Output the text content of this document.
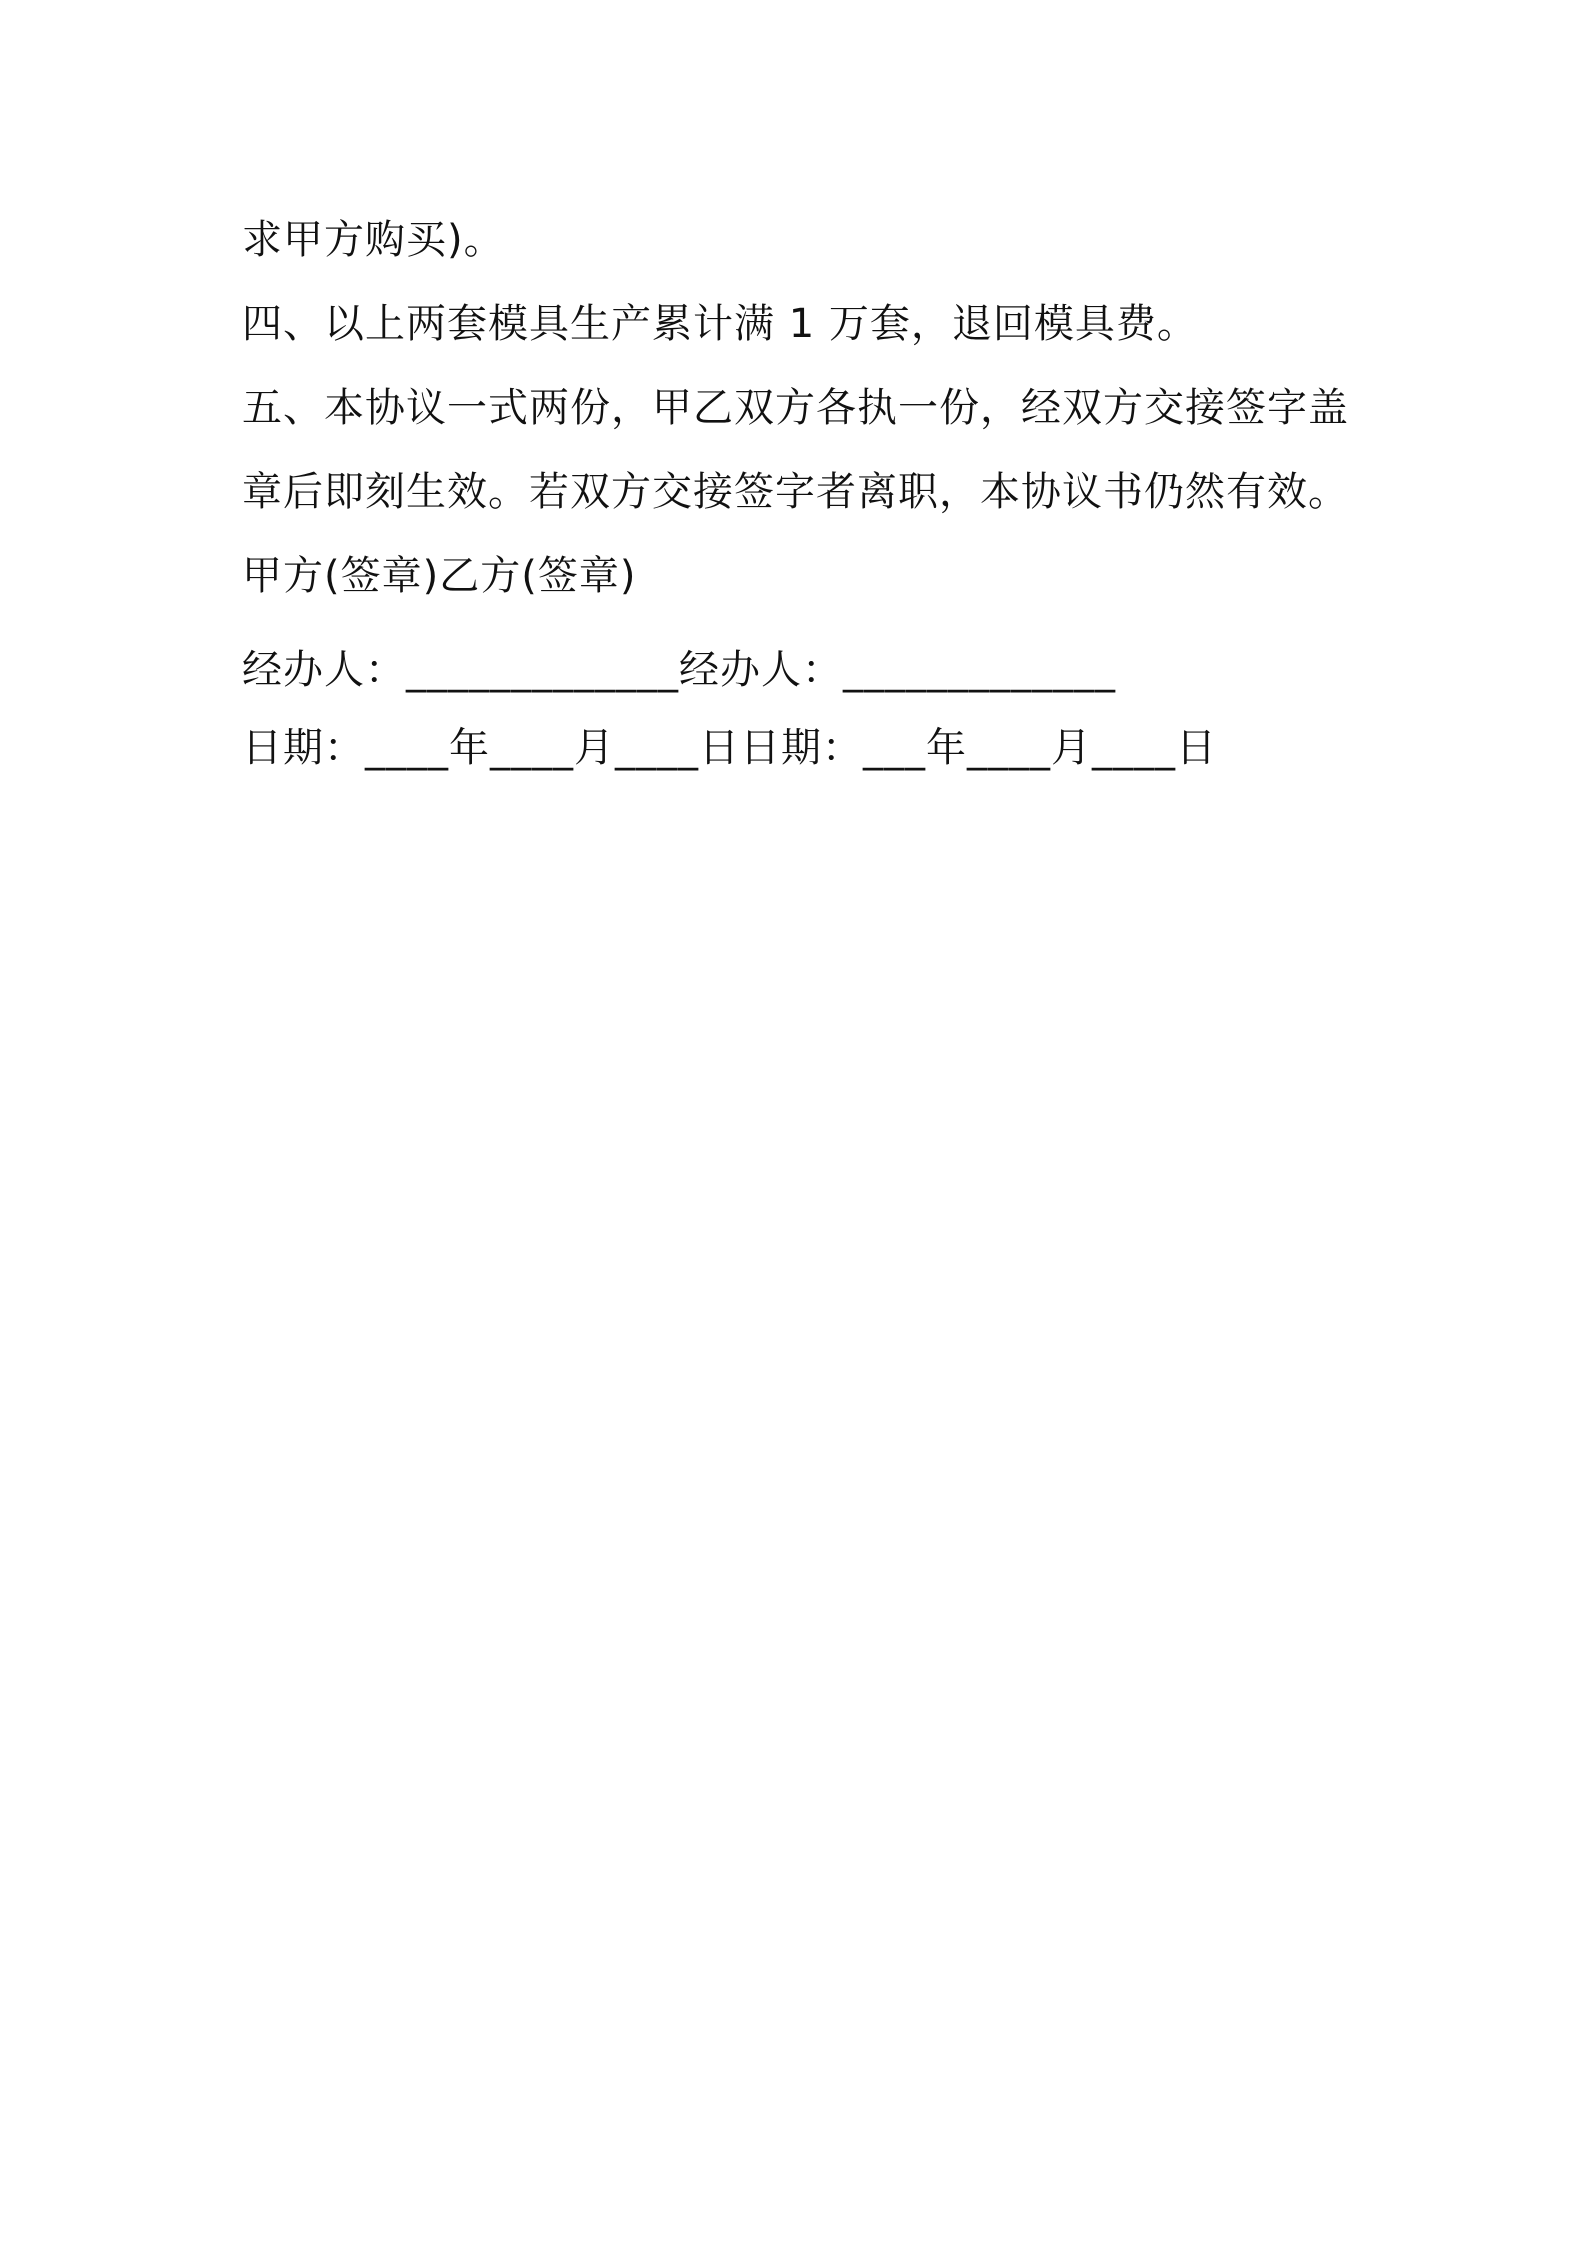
求甲方购买)。

四、以上两套模具生产累计满 1 万套，退回模具费。

五、本协议一式两份，甲乙双方各执一份，经双方交接签字盖章后即刻生效。若双方交接签字者离职，本协议书仍然有效。

甲方(签章)乙方(签章)

经办人：_____________经办人：_____________

日期：____年____月____日日期：___年____月____日
